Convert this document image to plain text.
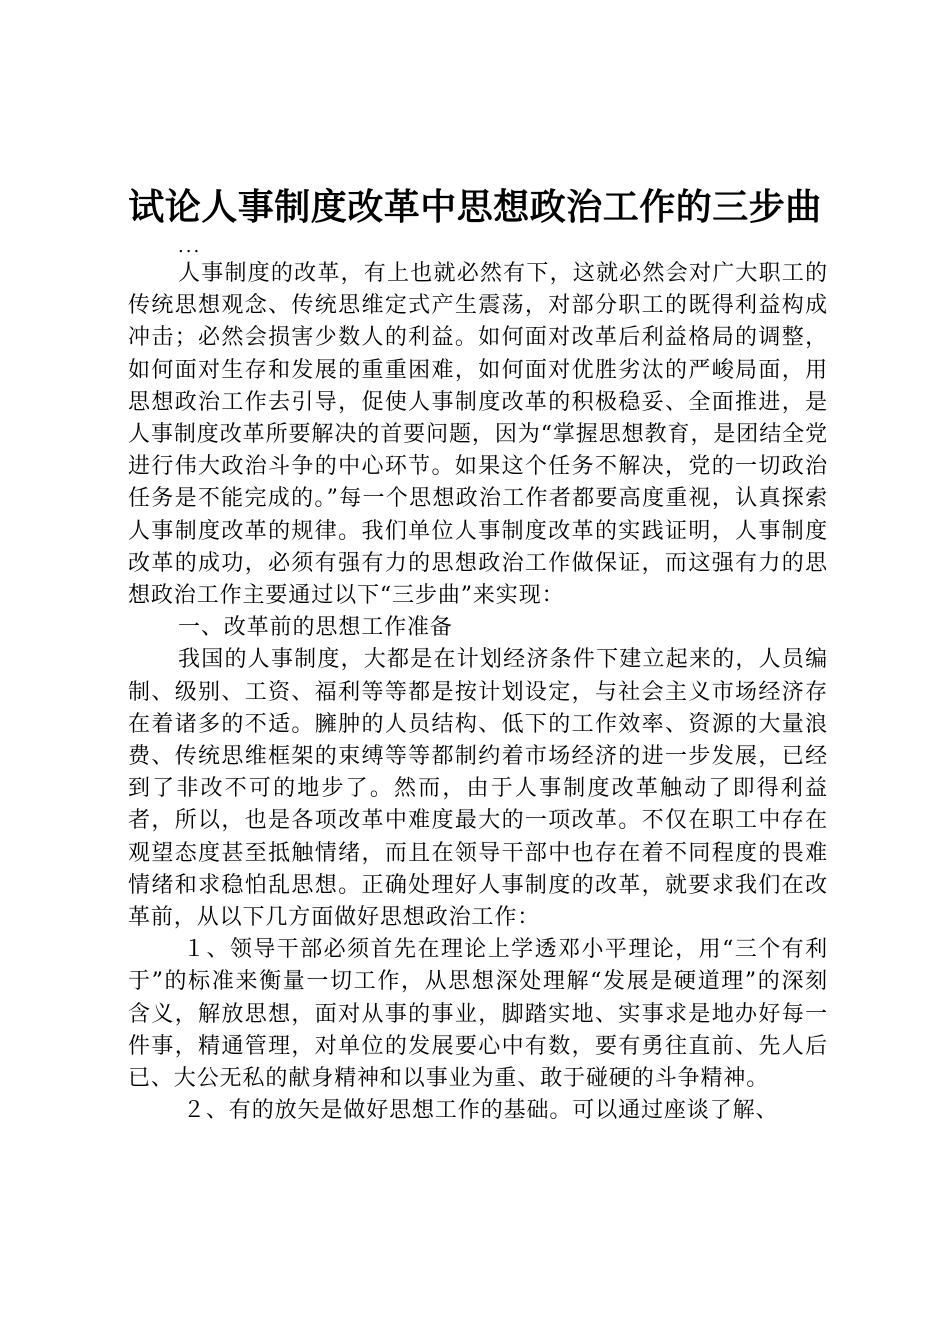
试论人事制度改革中思想政治工作的三步曲
...

人事制度的改革，有上也就必然有下，这就必然会对广大职工的传统思想观念、传统思维定式产生震荡，对部分职工的既得利益构成冲击；必然会损害少数人的利益。如何面对改革后利益格局的调整，如何面对生存和发展的重重困难，如何面对优胜劣汰的严峻局面，用思想政治工作去引导，促使人事制度改革的积极稳妥、全面推进，是人事制度改革所要解决的首要问题，因为“掌握思想教育，是团结全党进行伟大政治斗争的中心环节。如果这个任务不解决，党的一切政治任务是不能完成的。”每一个思想政治工作者都要高度重视，认真探索人事制度改革的规律。我们单位人事制度改革的实践证明，人事制度改革的成功，必须有强有力的思想政治工作做保证，而这强有力的思想政治工作主要通过以下“三步曲”来实现：

一、改革前的思想工作准备

我国的人事制度，大都是在计划经济条件下建立起来的，人员编制、级别、工资、福利等等都是按计划设定，与社会主义市场经济存在着诸多的不适。臃肿的人员结构、低下的工作效率、资源的大量浪费、传统思维框架的束缚等等都制约着市场经济的进一步发展，已经到了非改不可的地步了。然而，由于人事制度改革触动了即得利益者，所以，也是各项改革中难度最大的一项改革。不仅在职工中存在观望态度甚至抵触情绪，而且在领导干部中也存在着不同程度的畏难情绪和求稳怕乱思想。正确处理好人事制度的改革，就要求我们在改革前，从以下几方面做好思想政治工作：

１、领导干部必须首先在理论上学透邓小平理论，用“三个有利于”的标准来衡量一切工作，从思想深处理解“发展是硬道理”的深刻含义，解放思想，面对从事的事业，脚踏实地、实事求是地办好每一件事，精通管理，对单位的发展要心中有数，要有勇往直前、先人后已、大公无私的献身精神和以事业为重、敢于碰硬的斗争精神。

２、有的放矢是做好思想工作的基础。可以通过座谈了解、
